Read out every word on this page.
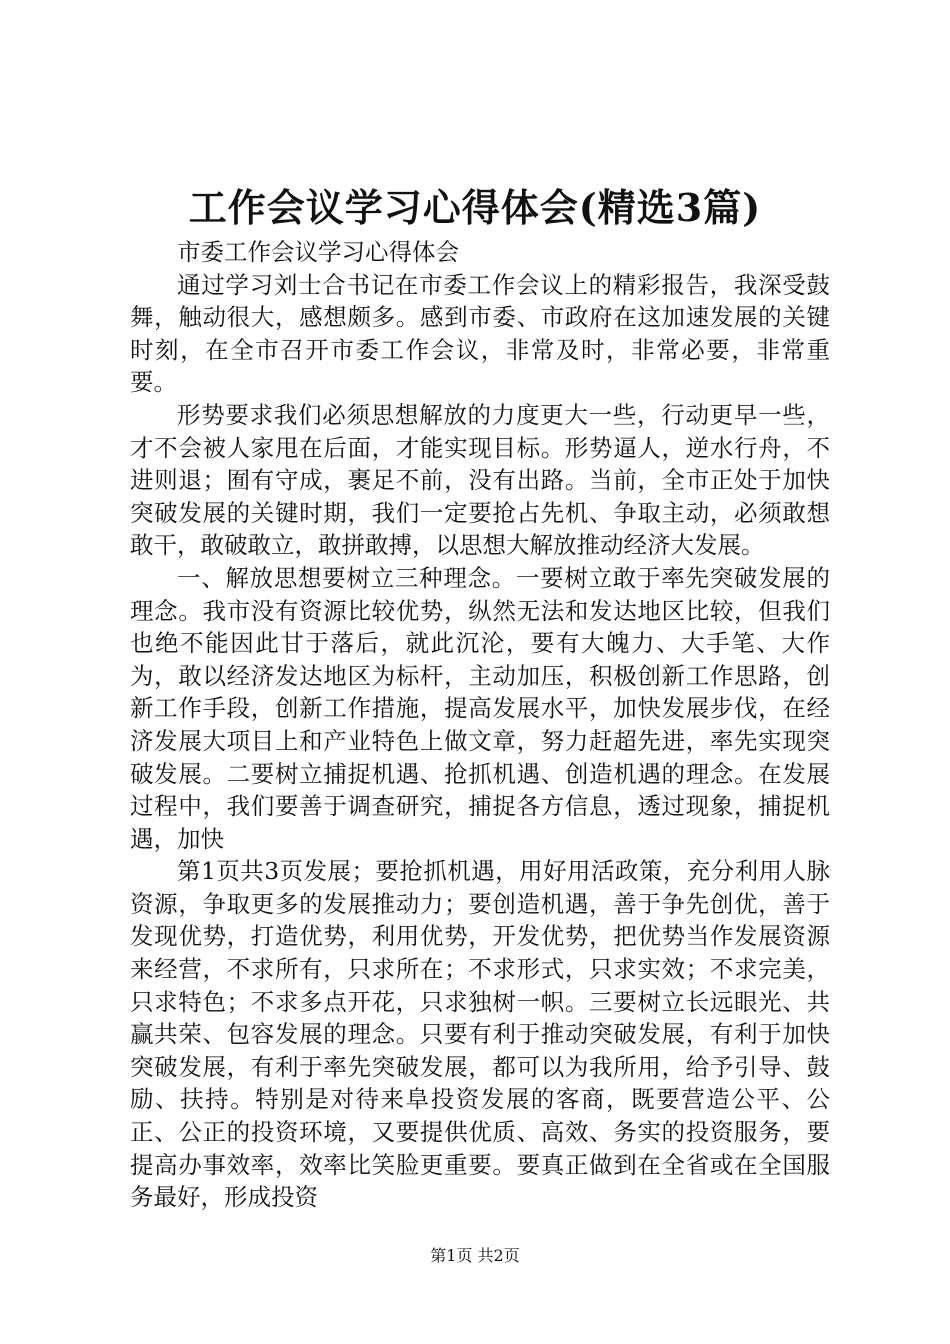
工作会议学习心得体会(精选3篇)

市委工作会议学习心得体会

通过学习刘士合书记在市委工作会议上的精彩报告，我深受鼓舞，触动很大，感想颇多。感到市委、市政府在这加速发展的关键时刻，在全市召开市委工作会议，非常及时，非常必要，非常重要。

形势要求我们必须思想解放的力度更大一些，行动更早一些，才不会被人家甩在后面，才能实现目标。形势逼人，逆水行舟，不进则退；囿有守成，裹足不前，没有出路。当前，全市正处于加快突破发展的关键时期，我们一定要抢占先机、争取主动，必须敢想敢干，敢破敢立，敢拼敢搏，以思想大解放推动经济大发展。

一、解放思想要树立三种理念。一要树立敢于率先突破发展的理念。我市没有资源比较优势，纵然无法和发达地区比较，但我们也绝不能因此甘于落后，就此沉沦，要有大魄力、大手笔、大作为，敢以经济发达地区为标杆，主动加压，积极创新工作思路，创新工作手段，创新工作措施，提高发展水平，加快发展步伐，在经济发展大项目上和产业特色上做文章，努力赶超先进，率先实现突破发展。二要树立捕捉机遇、抢抓机遇、创造机遇的理念。在发展过程中，我们要善于调查研究，捕捉各方信息，透过现象，捕捉机遇，加快

第1页共3页发展；要抢抓机遇，用好用活政策，充分利用人脉资源，争取更多的发展推动力；要创造机遇，善于争先创优，善于发现优势，打造优势，利用优势，开发优势，把优势当作发展资源来经营，不求所有，只求所在；不求形式，只求实效；不求完美，只求特色；不求多点开花，只求独树一帜。三要树立长远眼光、共赢共荣、包容发展的理念。只要有利于推动突破发展，有利于加快突破发展，有利于率先突破发展，都可以为我所用，给予引导、鼓励、扶持。特别是对待来阜投资发展的客商，既要营造公平、公正、公正的投资环境，又要提供优质、高效、务实的投资服务，要提高办事效率，效率比笑脸更重要。要真正做到在全省或在全国服务最好，形成投资

第1页 共2页
